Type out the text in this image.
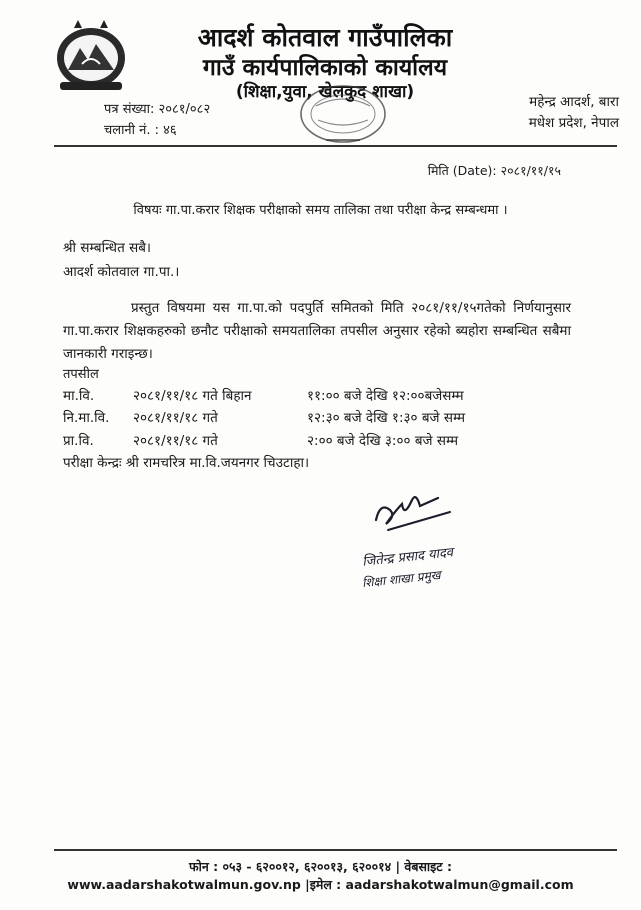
आदर्श कोतवाल गाउँपालिका
गाउँ कार्यपालिकाको कार्यालय
(शिक्षा,युवा, खेलकुद शाखा)
पत्र संख्या: २०८१/०८२
चलानी नं. : ४६
महेन्द्र आदर्श, बारा
मधेश प्रदेश, नेपाल
मिति (Date): २०८१/११/१५
विषयः गा.पा.करार शिक्षक परीक्षाको समय तालिका तथा परीक्षा केन्द्र सम्बन्धमा ।
श्री सम्बन्धित सबै।
आदर्श कोतवाल गा.पा.।
प्रस्तुत विषयमा यस गा.पा.को पदपुर्ति समितको मिति २०८१/११/१५गतेको निर्णयानुसार गा.पा.करार शिक्षकहरुको छनौट परीक्षाको समयतालिका तपसील अनुसार रहेको ब्यहोरा सम्बन्धित सबैमा जानकारी गराइन्छ।
तपसील
मा.वि.	२०८१/११/१८ गते बिहान	११:०० बजे देखि १२:००बजेसम्म
नि.मा.वि. २०८१/११/१८ गते	१२:३० बजे देखि १:३० बजे सम्म
प्रा.वि.	२०८१/११/१८ गते	२:०० बजे देखि ३:०० बजे सम्म
परीक्षा केन्द्रः श्री रामचरित्र मा.वि.जयनगर चिउटाहा।
जितेन्द्र प्रसाद यादव
शिक्षा शाखा प्रमुख
फोन : ०५३ - ६२००१२, ६२००१३, ६२००१४ | वेबसाइट :
www.aadarshakotwalmun.gov.np |इमेल : aadarshakotwalmun@gmail.com
